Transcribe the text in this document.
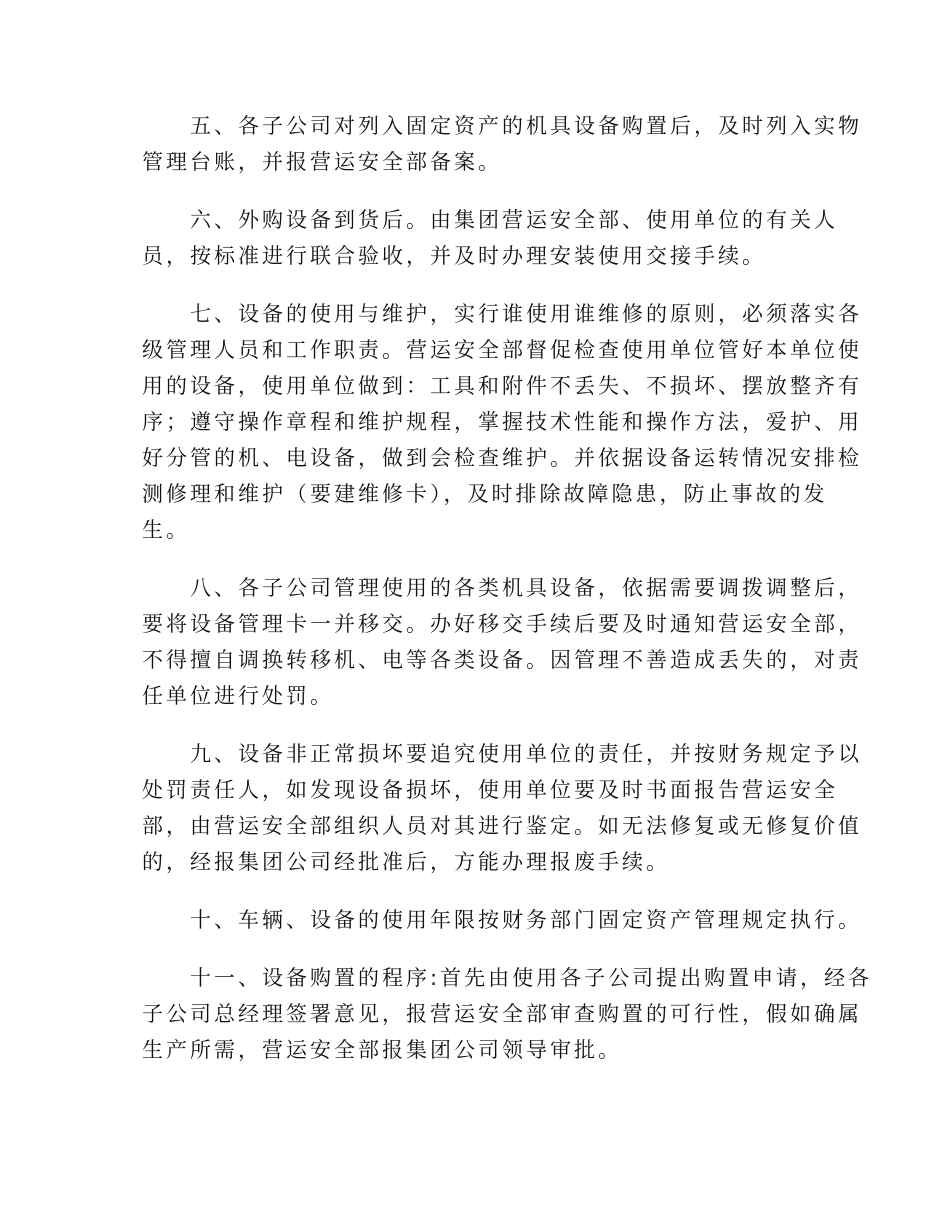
五、各子公司对列入固定资产的机具设备购置后，及时列入实物
管理台账，并报营运安全部备案。
六、外购设备到货后。由集团营运安全部、使用单位的有关人
员，按标准进行联合验收，并及时办理安装使用交接手续。
七、设备的使用与维护，实行谁使用谁维修的原则，必须落实各
级管理人员和工作职责。营运安全部督促检查使用单位管好本单位使
用的设备，使用单位做到：工具和附件不丢失、不损坏、摆放整齐有
序；遵守操作章程和维护规程，掌握技术性能和操作方法，爱护、用
好分管的机、电设备，做到会检查维护。并依据设备运转情况安排检
测修理和维护（要建维修卡），及时排除故障隐患，防止事故的发
生。
八、各子公司管理使用的各类机具设备，依据需要调拨调整后，
要将设备管理卡一并移交。办好移交手续后要及时通知营运安全部，
不得擅自调换转移机、电等各类设备。因管理不善造成丢失的，对责
任单位进行处罚。
九、设备非正常损坏要追究使用单位的责任，并按财务规定予以
处罚责任人，如发现设备损坏，使用单位要及时书面报告营运安全
部，由营运安全部组织人员对其进行鉴定。如无法修复或无修复价值
的，经报集团公司经批准后，方能办理报废手续。
十、车辆、设备的使用年限按财务部门固定资产管理规定执行。
十一、设备购置的程序:首先由使用各子公司提出购置申请，经各
子公司总经理签署意见，报营运安全部审查购置的可行性，假如确属
生产所需，营运安全部报集团公司领导审批。
